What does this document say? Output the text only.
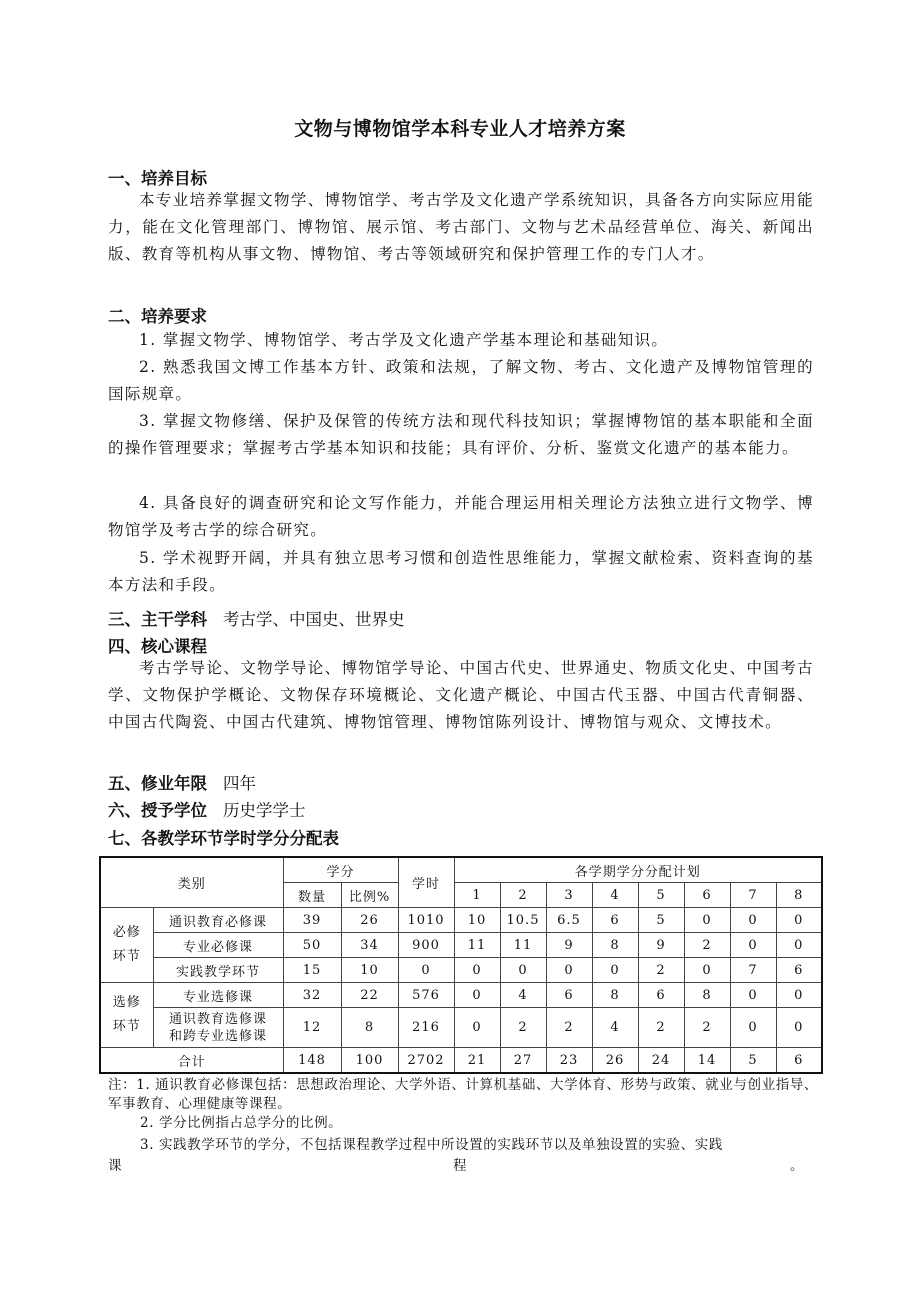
文物与博物馆学本科专业人才培养方案
一、培养目标
本专业培养掌握文物学、博物馆学、考古学及文化遗产学系统知识，具备各方向实际应用能力，能在文化管理部门、博物馆、展示馆、考古部门、文物与艺术品经营单位、海关、新闻出版、教育等机构从事文物、博物馆、考古等领域研究和保护管理工作的专门人才。
二、培养要求
1. 掌握文物学、博物馆学、考古学及文化遗产学基本理论和基础知识。
2. 熟悉我国文博工作基本方针、政策和法规，了解文物、考古、文化遗产及博物馆管理的国际规章。
3. 掌握文物修缮、保护及保管的传统方法和现代科技知识；掌握博物馆的基本职能和全面的操作管理要求；掌握考古学基本知识和技能；具有评价、分析、鉴赏文化遗产的基本能力。
4. 具备良好的调查研究和论文写作能力，并能合理运用相关理论方法独立进行文物学、博物馆学及考古学的综合研究。
5. 学术视野开阔，并具有独立思考习惯和创造性思维能力，掌握文献检索、资料查询的基本方法和手段。
三、主干学科 考古学、中国史、世界史
四、核心课程
考古学导论、文物学导论、博物馆学导论、中国古代史、世界通史、物质文化史、中国考古学、文物保护学概论、文物保存环境概论、文化遗产概论、中国古代玉器、中国古代青铜器、中国古代陶瓷、中国古代建筑、博物馆管理、博物馆陈列设计、博物馆与观众、文博技术。
五、修业年限 四年
六、授予学位 历史学学士
七、各教学环节学时学分分配表
类别		学分		学时	各学期学分分配计划							
		数量	比例%		1	2	3	4	5	6	7	8
必修环节	通识教育必修课	39	26	1010	10	10.5	6.5	6	5	0	0	0
	专业必修课	50	34	900	11	11	9	8	9	2	0	0
	实践教学环节	15	10	0	0	0	0	0	2	0	7	6
选修环节	专业选修课	32	22	576	0	4	6	8	6	8	0	0

	通识教育选修课
和跨专业选修课	12	8	216	0	2	2	4	2	2	0	0
合计		148	100	2702	21	27	23	26	24	14	5	6
注：1. 通识教育必修课包括：思想政治理论、大学外语、计算机基础、大学体育、形势与政策、就业与创业指导、军事教育、心理健康等课程。
2. 学分比例指占总学分的比例。
3. 实践教学环节的学分，不包括课程教学过程中所设置的实践环节以及单独设置的实验、实践
课	程	。
